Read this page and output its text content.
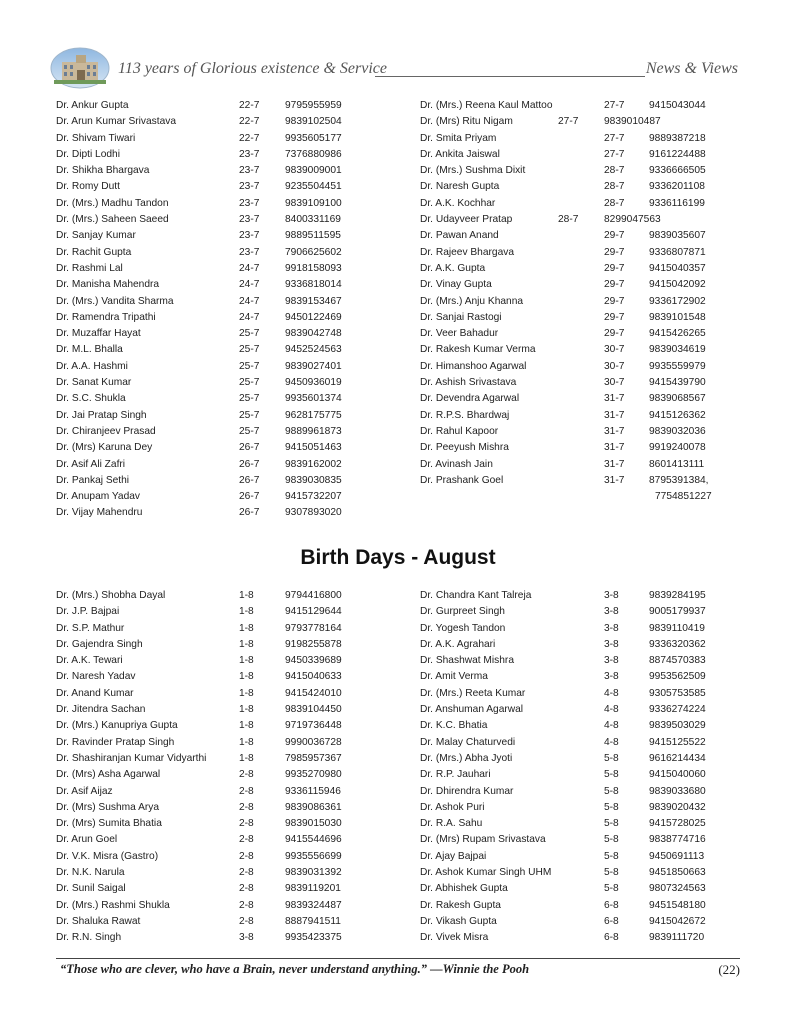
113 years of Glorious existence & Service	News & Views
Dr. Ankur Gupta	22-7	9795955959
Dr. Arun Kumar Srivastava	22-7	9839102504
Dr. Shivam Tiwari	22-7	9935605177
Dr. Dipti Lodhi	23-7	7376880986
Dr. Shikha Bhargava	23-7	9839009001
Dr. Romy Dutt	23-7	9235504451
Dr. (Mrs.) Madhu Tandon	23-7	9839109100
Dr. (Mrs.) Saheen Saeed	23-7	8400331169
Dr. Sanjay Kumar	23-7	9889511595
Dr. Rachit Gupta	23-7	7906625602
Dr. Rashmi Lal	24-7	9918158093
Dr. Manisha Mahendra	24-7	9336818014
Dr. (Mrs.) Vandita Sharma	24-7	9839153467
Dr. Ramendra Tripathi	24-7	9450122469
Dr. Muzaffar Hayat	25-7	9839042748
Dr. M.L. Bhalla	25-7	9452524563
Dr. A.A. Hashmi	25-7	9839027401
Dr. Sanat Kumar	25-7	9450936019
Dr. S.C. Shukla	25-7	9935601374
Dr. Jai Pratap Singh	25-7	9628175775
Dr. Chiranjeev Prasad	25-7	9889961873
Dr. (Mrs) Karuna Dey	26-7	9415051463
Dr. Asif Ali Zafri	26-7	9839162002
Dr. Pankaj Sethi	26-7	9839030835
Dr. Anupam Yadav	26-7	9415732207
Dr. Vijay Mahendru	26-7	9307893020
Dr. (Mrs.) Reena Kaul Mattoo	27-7 9415043044
Dr. (Mrs) Ritu Nigam	27-7	9839010487
Dr. Smita Priyam	27-7 9889387218
Dr. Ankita Jaiswal	27-7 9161224488
Dr. (Mrs.) Sushma Dixit	28-7 9336666505
Dr. Naresh Gupta	28-7 9336201108
Dr. A.K. Kochhar	28-7 9336116199
Dr. Udayveer Pratap	28-7	8299047563
Dr. Pawan Anand	29-7 9839035607
Dr. Rajeev Bhargava	29-7 9336807871
Dr. A.K. Gupta	29-7 9415040357
Dr. Vinay Gupta	29-7 9415042092
Dr. (Mrs.) Anju Khanna	29-7 9336172902
Dr. Sanjai Rastogi	29-7 9839101548
Dr. Veer Bahadur	29-7 9415426265
Dr. Rakesh Kumar Verma	30-7 9839034619
Dr. Himanshoo Agarwal	30-7 9935559979
Dr. Ashish Srivastava	30-7 9415439790
Dr. Devendra Agarwal	31-7 9839068567
Dr. R.P.S. Bhardwaj	31-7 9415126362
Dr. Rahul Kapoor	31-7 9839032036
Dr. Peeyush Mishra	31-7 9919240078
Dr. Avinash Jain	31-7 8601413111
Dr. Prashank Goel	31-7 8795391384,
7754851227
Birth Days - August
Dr. (Mrs.) Shobha Dayal	1-8	9794416800
Dr. J.P. Bajpai	1-8	9415129644
Dr. S.P. Mathur	1-8	9793778164
Dr. Gajendra Singh	1-8	9198255878
Dr. A.K. Tewari	1-8	9450339689
Dr. Naresh Yadav	1-8	9415040633
Dr. Anand Kumar	1-8	9415424010
Dr. Jitendra Sachan	1-8	9839104450
Dr. (Mrs.) Kanupriya Gupta	1-8	9719736448
Dr. Ravinder Pratap Singh	1-8	9990036728
Dr. Shashiranjan Kumar Vidyarthi	1-8	7985957367
Dr. (Mrs) Asha Agarwal	2-8	9935270980
Dr. Asif Aijaz	2-8	9336115946
Dr. (Mrs) Sushma Arya	2-8	9839086361
Dr. (Mrs) Sumita Bhatia	2-8	9839015030
Dr. Arun Goel	2-8	9415544696
Dr. V.K. Misra (Gastro)	2-8	9935556699
Dr. N.K. Narula	2-8	9839031392
Dr. Sunil Saigal	2-8	9839119201
Dr. (Mrs.) Rashmi Shukla	2-8	9839324487
Dr. Shaluka Rawat	2-8	8887941511
Dr. R.N. Singh	3-8	9935423375
Dr. Chandra Kant Talreja	3-8	9839284195
Dr. Gurpreet Singh	3-8	9005179937
Dr. Yogesh Tandon	3-8	9839110419
Dr. A.K. Agrahari	3-8	9336320362
Dr. Shashwat Mishra	3-8	8874570383
Dr. Amit Verma	3-8	9953562509
Dr. (Mrs.) Reeta Kumar	4-8	9305753585
Dr. Anshuman Agarwal	4-8	9336274224
Dr. K.C. Bhatia	4-8	9839503029
Dr. Malay Chaturvedi	4-8	9415125522
Dr. (Mrs.) Abha Jyoti	5-8	9616214434
Dr. R.P. Jauhari	5-8	9415040060
Dr. Dhirendra Kumar	5-8	9839033680
Dr. Ashok Puri	5-8	9839020432
Dr. R.A. Sahu	5-8	9415728025
Dr. (Mrs) Rupam Srivastava	5-8	9838774716
Dr. Ajay Bajpai	5-8	9450691113
Dr. Ashok Kumar Singh UHM	5-8	9451850663
Dr. Abhishek Gupta	5-8	9807324563
Dr. Rakesh Gupta	6-8	9451548180
Dr. Vikash Gupta	6-8	9415042672
Dr. Vivek Misra	6-8	9839111720
“Those who are clever, who have a Brain, never understand anything.” —Winnie the Pooh	(22)
